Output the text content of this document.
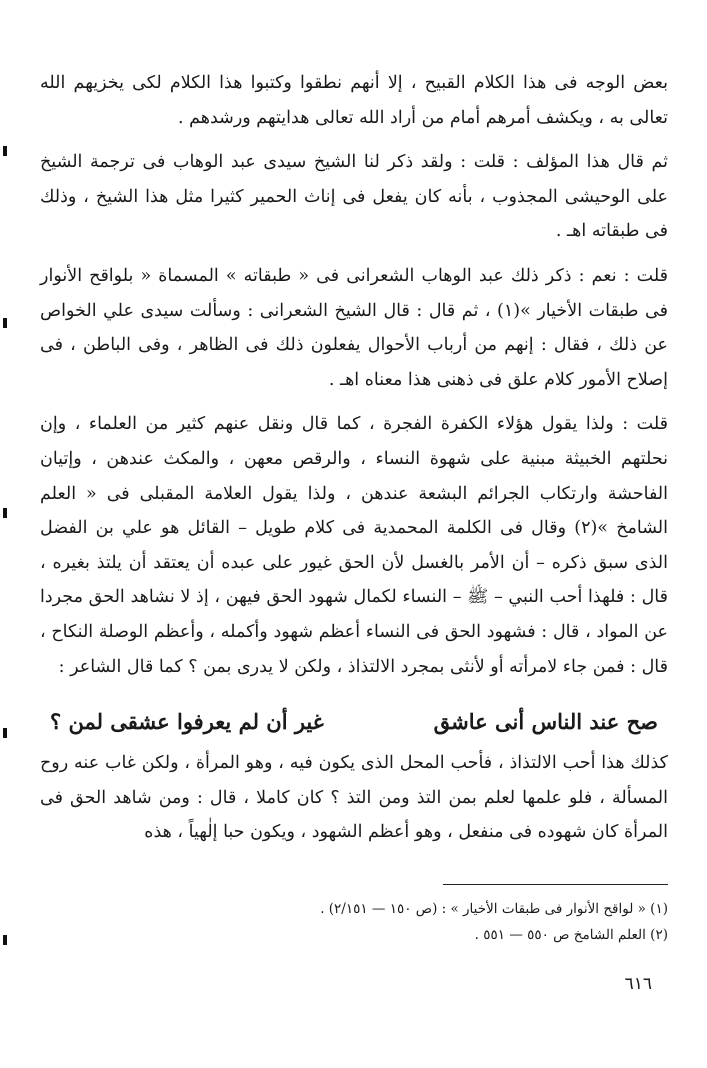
بعض الوجه فى هذا الكلام القبيح ، إلا أنهم نطقوا وكتبوا هذا الكلام لكى يخزيهم الله تعالى به ، ويكشف أمرهم أمام من أراد الله تعالى هدايتهم ورشدهم .

ثم قال هذا المؤلف : قلت : ولقد ذكر لنا الشيخ سيدى عبد الوهاب فى ترجمة الشيخ على الوحيشى المجذوب ، بأنه كان يفعل فى إناث الحمير كثيرا مثل هذا الشيخ ، وذلك فى طبقاته اهـ .

قلت : نعم : ذكر ذلك عبد الوهاب الشعرانى فى « طبقاته » المسماة « بلواقح الأنوار فى طبقات الأخيار »(١) ، ثم قال : قال الشيخ الشعرانى : وسألت سيدى علي الخواص عن ذلك ، فقال : إنهم من أرباب الأحوال يفعلون ذلك فى الظاهر ، وفى الباطن ، فى إصلاح الأمور كلام علق فى ذهنى هذا معناه اهـ .

قلت : ولذا يقول هؤلاء الكفرة الفجرة ، كما قال ونقل عنهم كثير من العلماء ، وإن نحلتهم الخبيثة مبنية على شهوة النساء ، والرقص معهن ، والمكث عندهن ، وإتيان الفاحشة وارتكاب الجرائم البشعة عندهن ، ولذا يقول العلامة المقبلى فى « العلم الشامخ »(٢) وقال فى الكلمة المحمدية فى كلام طويل – القائل هو علي بن الفضل الذى سبق ذكره – أن الأمر بالغسل لأن الحق غيور على عبده أن يعتقد أن يلتذ بغيره ، قال : فلهذا أحب النبي – ﷺ – النساء لكمال شهود الحق فيهن ، إذ لا نشاهد الحق مجردا عن المواد ، قال : فشهود الحق فى النساء أعظم شهود وأكمله ، وأعظم الوصلة النكاح ، قال : فمن جاء لامرأته أو لأنثى بمجرد الالتذاذ ، ولكن لا يدرى بمن ؟ كما قال الشاعر :

صح عند الناس أنى عاشق
غير أن لم يعرفوا عشقى لمن ؟

كذلك هذا أحب الالتذاذ ، فأحب المحل الذى يكون فيه ، وهو المرأة ، ولكن غاب عنه روح المسألة ، فلو علمها لعلم بمن التذ ومن التذ ؟ كان كاملا ، قال : ومن شاهد الحق فى المرأة كان شهوده فى منفعل ، وهو أعظم الشهود ، ويكون حبا إلٰهياً ، هذه

(١) « لواقح الأنوار فى طبقات الأخيار » : (ص ١٥٠ — ٢/١٥١) .
(٢) العلم الشامخ ص ٥٥٠ — ٥٥١ .
٦١٦
